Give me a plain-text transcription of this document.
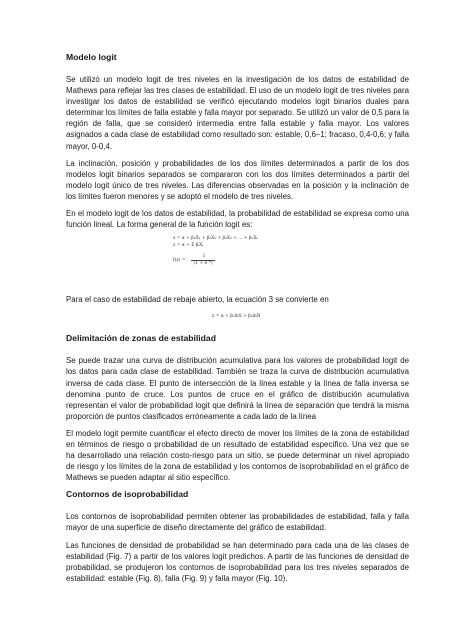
Modelo logit

Se utilizó un modelo logit de tres niveles en la investigación de los datos de estabilidad de Mathews para reflejar las tres clases de estabilidad. El uso de un modelo logit de tres niveles para investigar los datos de estabilidad se verificó ejecutando modelos logit binarios duales para determinar los límites de falla estable y falla mayor por separado. Se utilizó un valor de 0,5 para la región de falla, que se consideró intermedia entre falla estable y falla mayor. Los valores asignados a cada clase de estabilidad como resultado son: estable, 0,6–1; fracaso, 0,4-0,6; y falla mayor, 0-0,4.

La inclinación, posición y probabilidades de los dos límites determinados a partir de los dos modelos logit binarios separados se compararon con los dos límites determinados a partir del modelo logit único de tres niveles. Las diferencias observadas en la posición y la inclinación de los límites fueron menores y se adoptó el modelo de tres niveles.

En el modelo logit de los datos de estabilidad, la probabilidad de estabilidad se expresa como una función lineal. La forma general de la función logit es:

z = α + β₁X₁ + β₂X₂ + β₃X₃ + ... + βₙXₙ
z = α + Σ βᵢXᵢ
f(z) =
1
(1 + e⁻ᶻ)

Para el caso de estabilidad de rebaje abierto, la ecuación 3 se convierte en

z = α + β₁lnS + β₂lnN
Delimitación de zonas de estabilidad

Se puede trazar una curva de distribución acumulativa para los valores de probabilidad logit de los datos para cada clase de estabilidad. También se traza la curva de distribución acumulativa inversa de cada clase. El punto de intersección de la línea estable y la línea de falla inversa se denomina punto de cruce. Los puntos de cruce en el gráfico de distribución acumulativa representan el valor de probabilidad logit que definirá la línea de separación que tendrá la misma proporción de puntos clasificados erróneamente a cada lado de la línea

El modelo logit permite cuantificar el efecto directo de mover los límites de la zona de estabilidad en términos de riesgo o probabilidad de un resultado de estabilidad específico. Una vez que se ha desarrollado una relación costo-riesgo para un sitio, se puede determinar un nivel apropiado de riesgo y los límites de la zona de estabilidad y los contornos de isoprobabilidad en el gráfico de Mathews se pueden adaptar al sitio específico.

Contornos de isoprobabilidad

Los contornos de isoprobabilidad permiten obtener las probabilidades de estabilidad, falla y falla mayor de una superficie de diseño directamente del gráfico de estabilidad.

Las funciones de densidad de probabilidad se han determinado para cada una de las clases de estabilidad (Fig. 7) a partir de los valores logit predichos. A partir de las funciones de densidad de probabilidad, se produjeron los contornos de isoprobabilidad para los tres niveles separados de estabilidad: estable (Fig. 8), falla (Fig. 9) y falla mayor (Fig. 10).
